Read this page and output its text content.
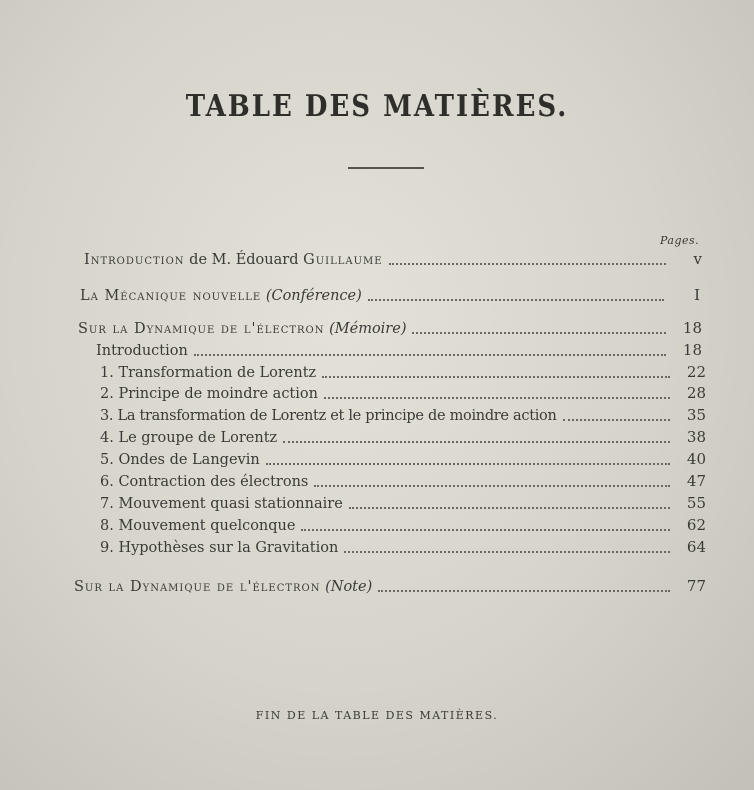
TABLE DES MATIÈRES.
Pages.
Introduction de M. Édouard Guillaume	v
La Mécanique nouvelle (Conférence)	I
Sur la Dynamique de l'électron (Mémoire)	18
Introduction	18
1. Transformation de Lorentz	22
2. Principe de moindre action	28
3. La transformation de Lorentz et le principe de moindre action	35
4. Le groupe de Lorentz	38
5. Ondes de Langevin	40
6. Contraction des électrons	47
7. Mouvement quasi stationnaire	55
8. Mouvement quelconque	62
9. Hypothèses sur la Gravitation	64
Sur la Dynamique de l'électron (Note)	77
FIN DE LA TABLE DES MATIÈRES.
